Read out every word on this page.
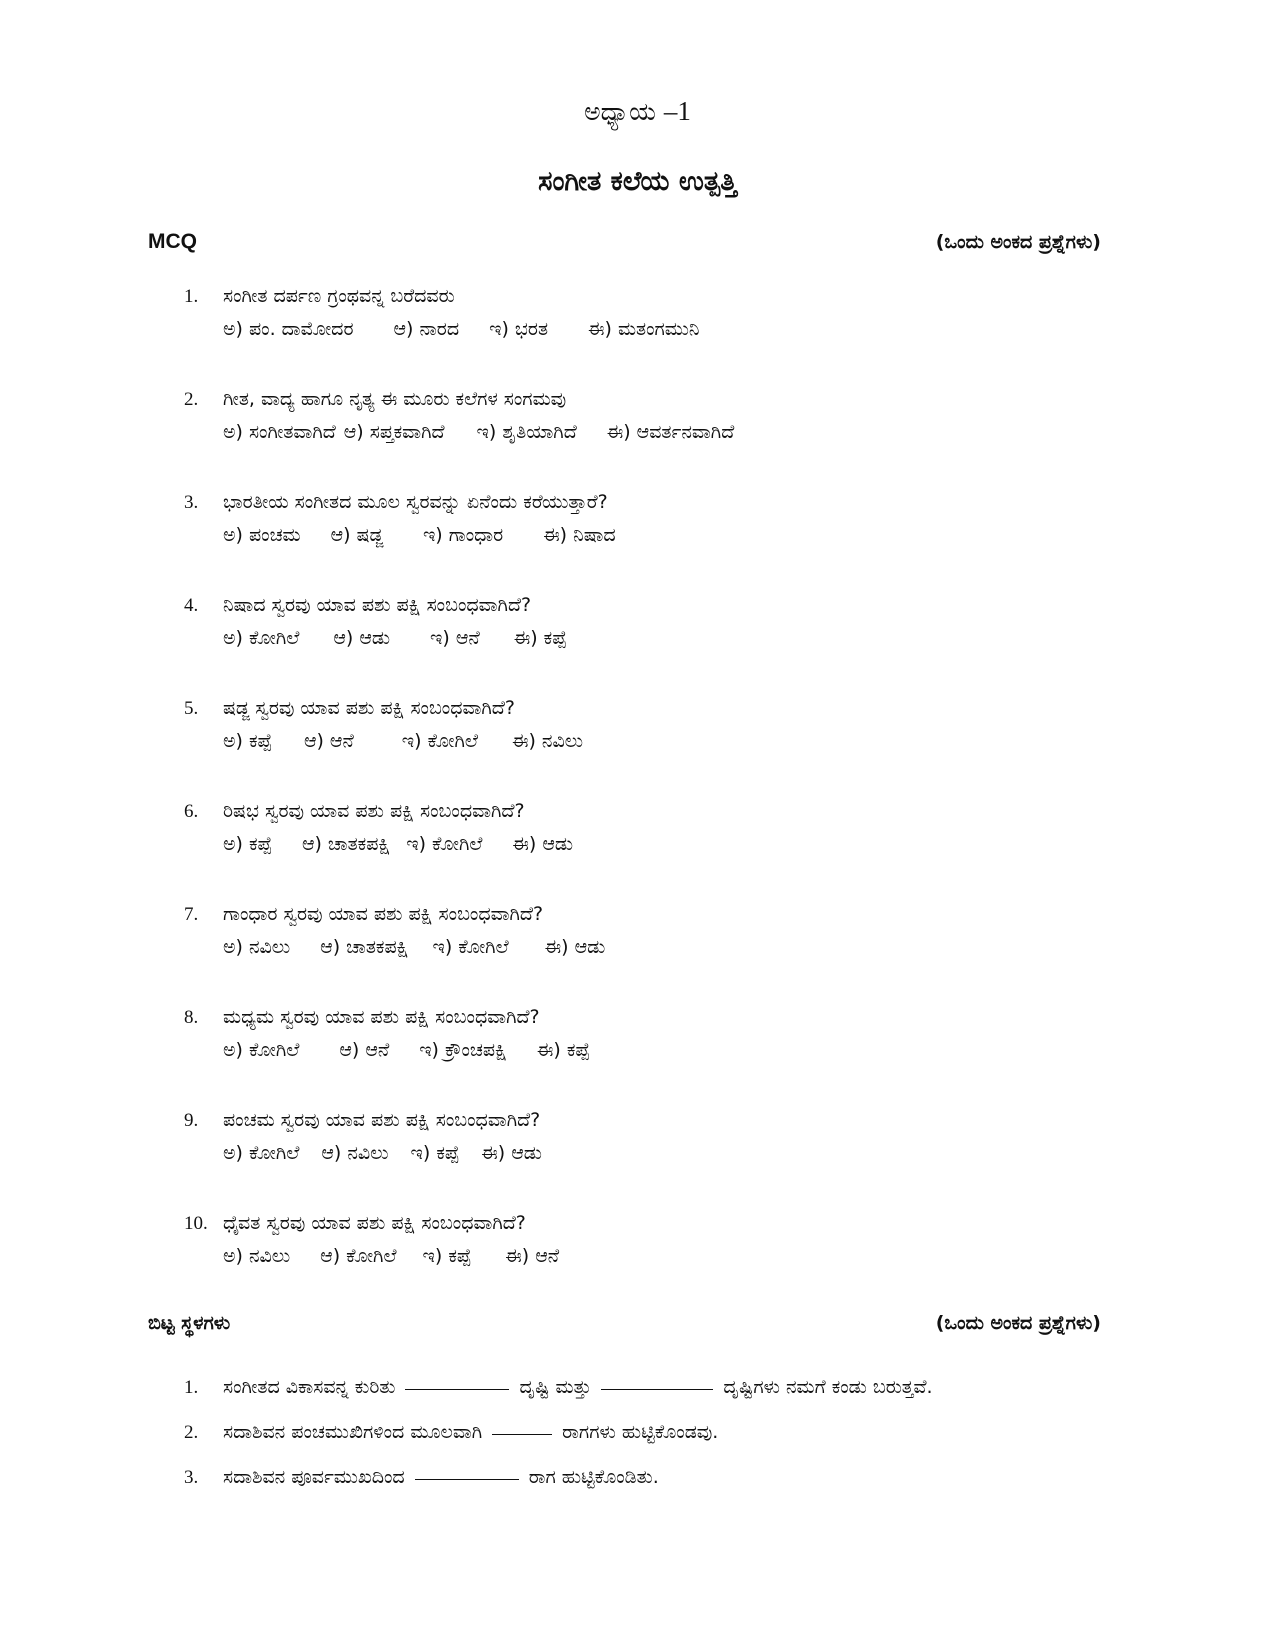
ಅಧ್ಯಾಯ –1
ಸಂಗೀತ ಕಲೆಯ ಉತ್ಪತ್ತಿ
MCQ	(ಒಂದು ಅಂಕದ ಪ್ರಶ್ನೆಗಳು)
1.	ಸಂಗೀತ ದರ್ಪಣ ಗ್ರಂಥವನ್ನ ಬರೆದವರು
ಅ) ಪಂ. ದಾಮೋದರ ಆ) ನಾರದ ಇ) ಭರತ ಈ) ಮತಂಗಮುನಿ
2.	ಗೀತ, ವಾದ್ಯ ಹಾಗೂ ನೃತ್ಯ ಈ ಮೂರು ಕಲೆಗಳ ಸಂಗಮವು
ಅ) ಸಂಗೀತವಾಗಿದೆ ಆ) ಸಪ್ತಕವಾಗಿದೆ ಇ) ಶೃತಿಯಾಗಿದೆ ಈ) ಆವರ್ತನವಾಗಿದೆ
3.	ಭಾರತೀಯ ಸಂಗೀತದ ಮೂಲ ಸ್ವರವನ್ನು ಏನೆಂದು ಕರೆಯುತ್ತಾರೆ?
ಅ) ಪಂಚಮ ಆ) ಷಡ್ಜ ಇ) ಗಾಂಧಾರ ಈ) ನಿಷಾದ
4.	ನಿಷಾದ ಸ್ವರವು ಯಾವ ಪಶು ಪಕ್ಷಿ ಸಂಬಂಧವಾಗಿದೆ?
ಅ) ಕೋಗಿಲೆ ಆ) ಆಡು ಇ) ಆನೆ ಈ) ಕಪ್ಪೆ
5.	ಷಡ್ಜ ಸ್ವರವು ಯಾವ ಪಶು ಪಕ್ಷಿ ಸಂಬಂಧವಾಗಿದೆ?
ಅ) ಕಪ್ಪೆ ಆ) ಆನೆ	ಇ) ಕೋಗಿಲೆ ಈ) ನವಿಲು
6.	ರಿಷಭ ಸ್ವರವು ಯಾವ ಪಶು ಪಕ್ಷಿ ಸಂಬಂಧವಾಗಿದೆ?
ಅ) ಕಪ್ಪೆ ಆ) ಚಾತಕಪಕ್ಷಿ ಇ) ಕೋಗಿಲೆ ಈ) ಆಡು
7.	ಗಾಂಧಾರ ಸ್ವರವು ಯಾವ ಪಶು ಪಕ್ಷಿ ಸಂಬಂಧವಾಗಿದೆ?
ಅ) ನವಿಲು ಆ) ಚಾತಕಪಕ್ಷಿ ಇ) ಕೋಗಿಲೆ ಈ) ಆಡು
8.	ಮಧ್ಯಮ ಸ್ವರವು ಯಾವ ಪಶು ಪಕ್ಷಿ ಸಂಬಂಧವಾಗಿದೆ?
ಅ) ಕೋಗಿಲೆ ಆ) ಆನೆ ಇ) ಕ್ರೌಂಚಪಕ್ಷಿ ಈ) ಕಪ್ಪೆ
9.	ಪಂಚಮ ಸ್ವರವು ಯಾವ ಪಶು ಪಕ್ಷಿ ಸಂಬಂಧವಾಗಿದೆ?
ಅ) ಕೋಗಿಲೆ ಆ) ನವಿಲು ಇ) ಕಪ್ಪೆ ಈ) ಆಡು
10. ಧೈವತ ಸ್ವರವು ಯಾವ ಪಶು ಪಕ್ಷಿ ಸಂಬಂಧವಾಗಿದೆ?
ಅ) ನವಿಲು ಆ) ಕೋಗಿಲೆ ಇ) ಕಪ್ಪೆ ಈ) ಆನೆ
ಬಿಟ್ಟ ಸ್ಥಳಗಳು	(ಒಂದು ಅಂಕದ ಪ್ರಶ್ನೆಗಳು)
1.	ಸಂಗೀತದ ವಿಕಾಸವನ್ನ ಕುರಿತು	ದೃಷ್ಟಿ ಮತ್ತು	ದೃಷ್ಟಿಗಳು ನಮಗೆ ಕಂಡು ಬರುತ್ತವೆ.
2.	ಸದಾಶಿವನ ಪಂಚಮುಖಿಗಳಿಂದ ಮೂಲವಾಗಿ	ರಾಗಗಳು ಹುಟ್ಟಿಕೊಂಡವು.
3.	ಸದಾಶಿವನ ಪೂರ್ವಮುಖದಿಂದ	ರಾಗ ಹುಟ್ಟಿಕೊಂಡಿತು.
